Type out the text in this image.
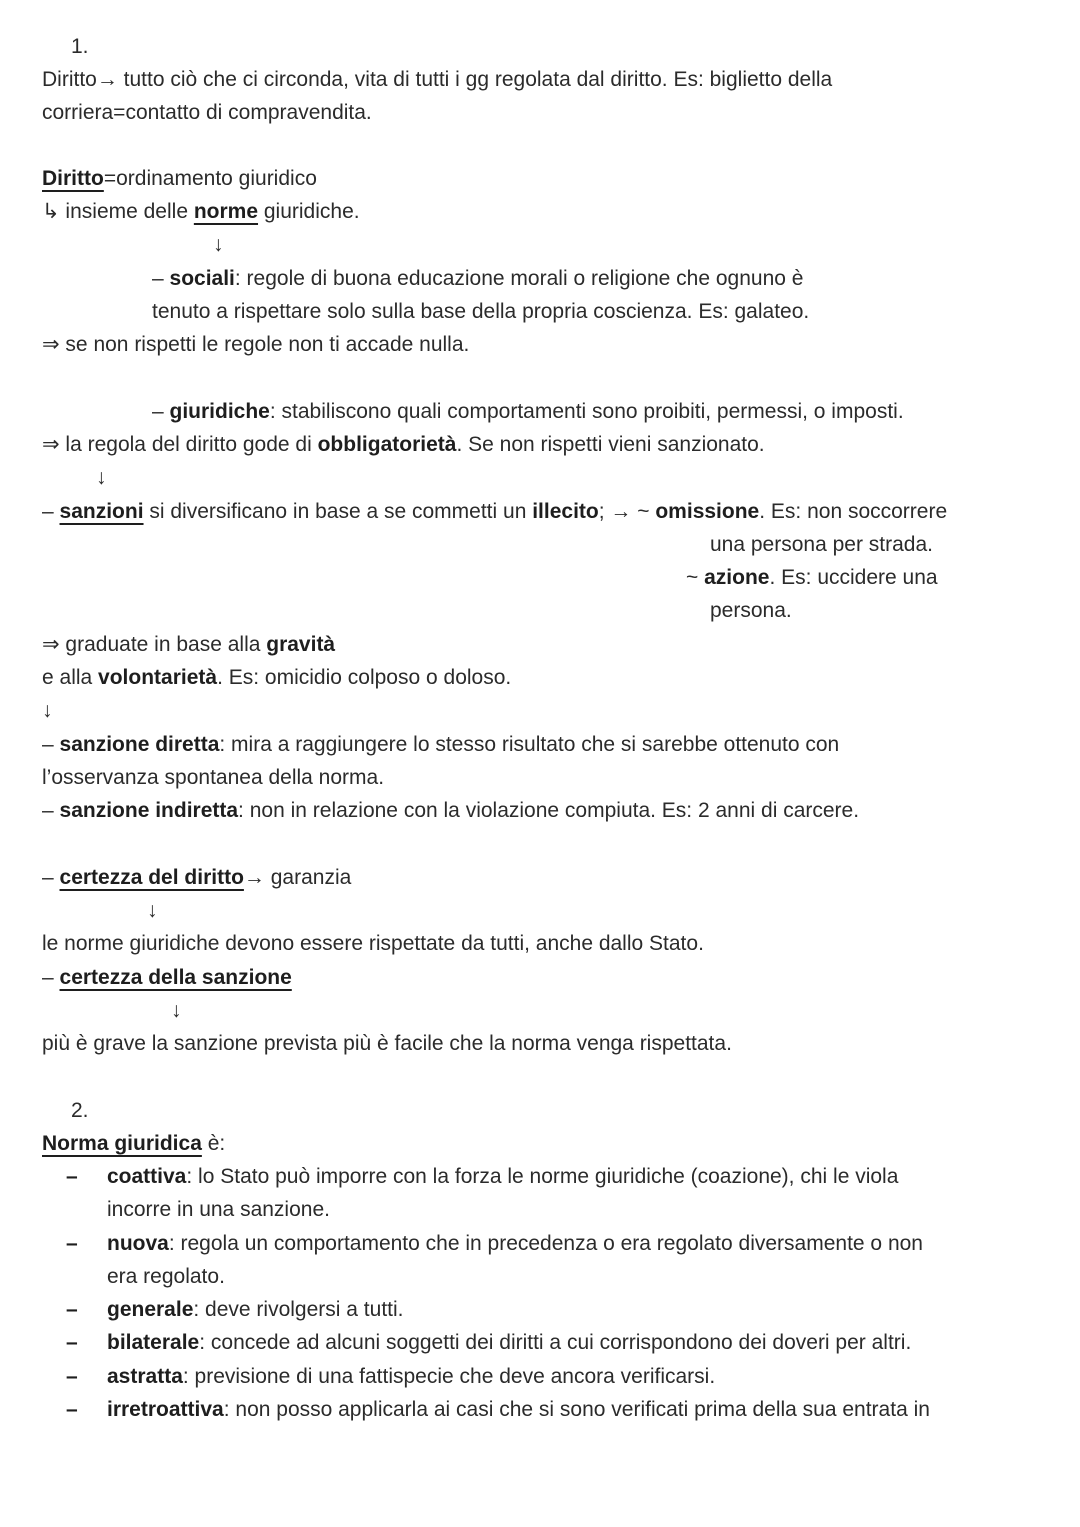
1.
Diritto→ tutto ciò che ci circonda, vita di tutti i gg regolata dal diritto. Es: biglietto della
corriera=contatto di compravendita.
Diritto=ordinamento giuridico
↳ insieme delle norme giuridiche.
↓
– sociali: regole di buona educazione morali o religione che ognuno è
tenuto a rispettare solo sulla base della propria coscienza. Es: galateo.
⇒ se non rispetti le regole non ti accade nulla.
– giuridiche: stabiliscono quali comportamenti sono proibiti, permessi, o imposti.
⇒ la regola del diritto gode di obbligatorietà. Se non rispetti vieni sanzionato.
↓
– sanzioni si diversificano in base a se commetti un illecito; → ~ omissione. Es: non soccorrere
una persona per strada.
~ azione. Es: uccidere una
persona.
⇒ graduate in base alla gravità
e alla volontarietà. Es: omicidio colposo o doloso.
↓
– sanzione diretta: mira a raggiungere lo stesso risultato che si sarebbe ottenuto con
l’osservanza spontanea della norma.
– sanzione indiretta: non in relazione con la violazione compiuta. Es: 2 anni di carcere.
– certezza del diritto→ garanzia
↓
le norme giuridiche devono essere rispettate da tutti, anche dallo Stato.
– certezza della sanzione
↓
più è grave la sanzione prevista più è facile che la norma venga rispettata.
2.
Norma giuridica è:
– coattiva: lo Stato può imporre con la forza le norme giuridiche (coazione), chi le viola
incorre in una sanzione.
– nuova: regola un comportamento che in precedenza o era regolato diversamente o non
era regolato.
– generale: deve rivolgersi a tutti.
– bilaterale: concede ad alcuni soggetti dei diritti a cui corrispondono dei doveri per altri.
– astratta: previsione di una fattispecie che deve ancora verificarsi.
– irretroattiva: non posso applicarla ai casi che si sono verificati prima della sua entrata in
